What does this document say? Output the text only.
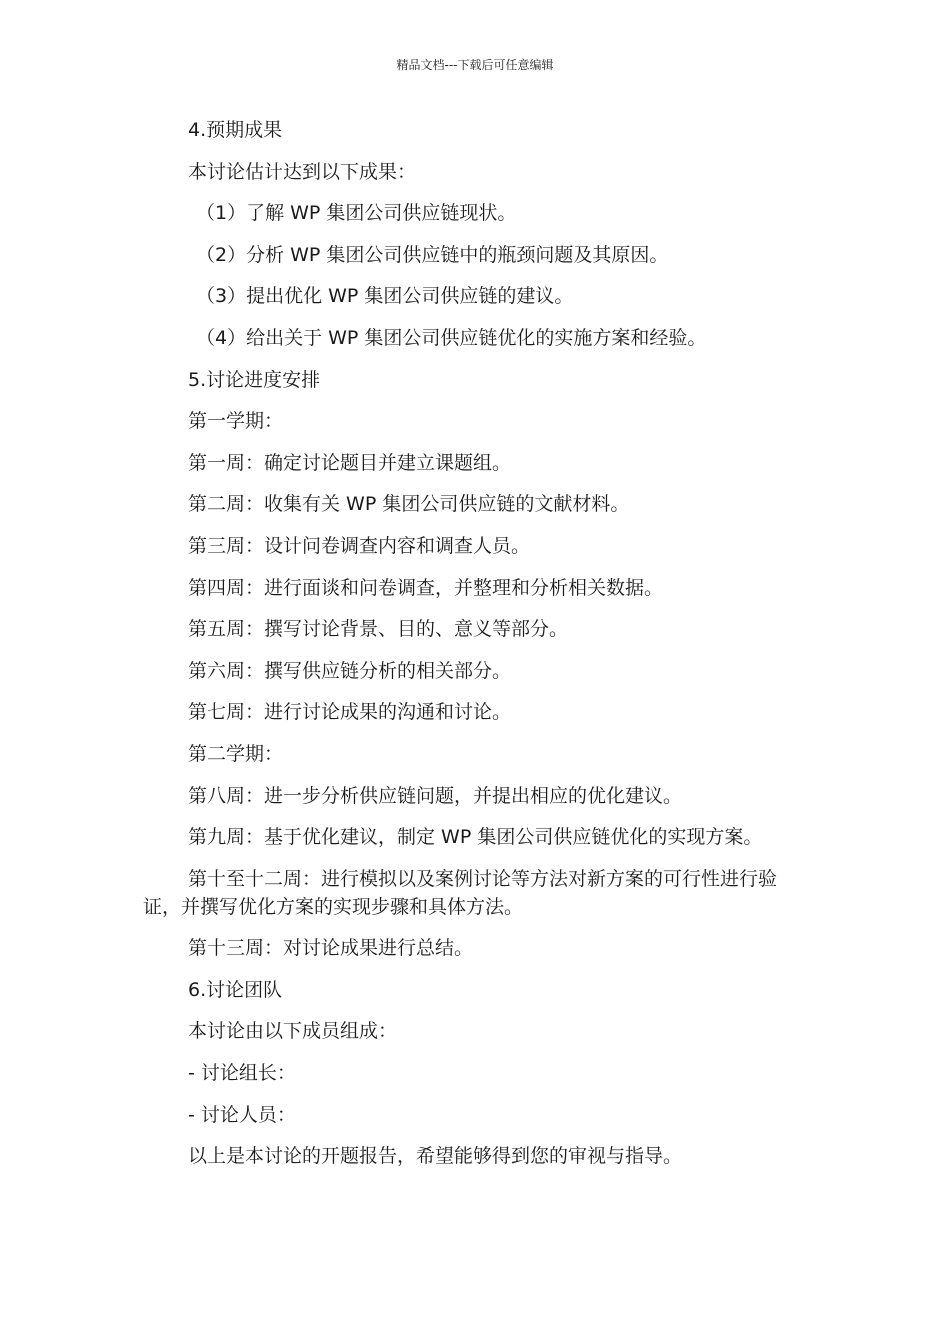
精品文档---下载后可任意编辑

4.预期成果

本讨论估计达到以下成果：

（1）了解 WP 集团公司供应链现状。

（2）分析 WP 集团公司供应链中的瓶颈问题及其原因。

（3）提出优化 WP 集团公司供应链的建议。

（4）给出关于 WP 集团公司供应链优化的实施方案和经验。

5.讨论进度安排

第一学期：

第一周：确定讨论题目并建立课题组。

第二周：收集有关 WP 集团公司供应链的文献材料。

第三周：设计问卷调查内容和调查人员。

第四周：进行面谈和问卷调查，并整理和分析相关数据。

第五周：撰写讨论背景、目的、意义等部分。

第六周：撰写供应链分析的相关部分。

第七周：进行讨论成果的沟通和讨论。

第二学期：

第八周：进一步分析供应链问题，并提出相应的优化建议。

第九周：基于优化建议，制定 WP 集团公司供应链优化的实现方案。

第十至十二周：进行模拟以及案例讨论等方法对新方案的可行性进行验证，并撰写优化方案的实现步骤和具体方法。

第十三周：对讨论成果进行总结。

6.讨论团队

本讨论由以下成员组成：

- 讨论组长：

- 讨论人员：

以上是本讨论的开题报告，希望能够得到您的审视与指导。
